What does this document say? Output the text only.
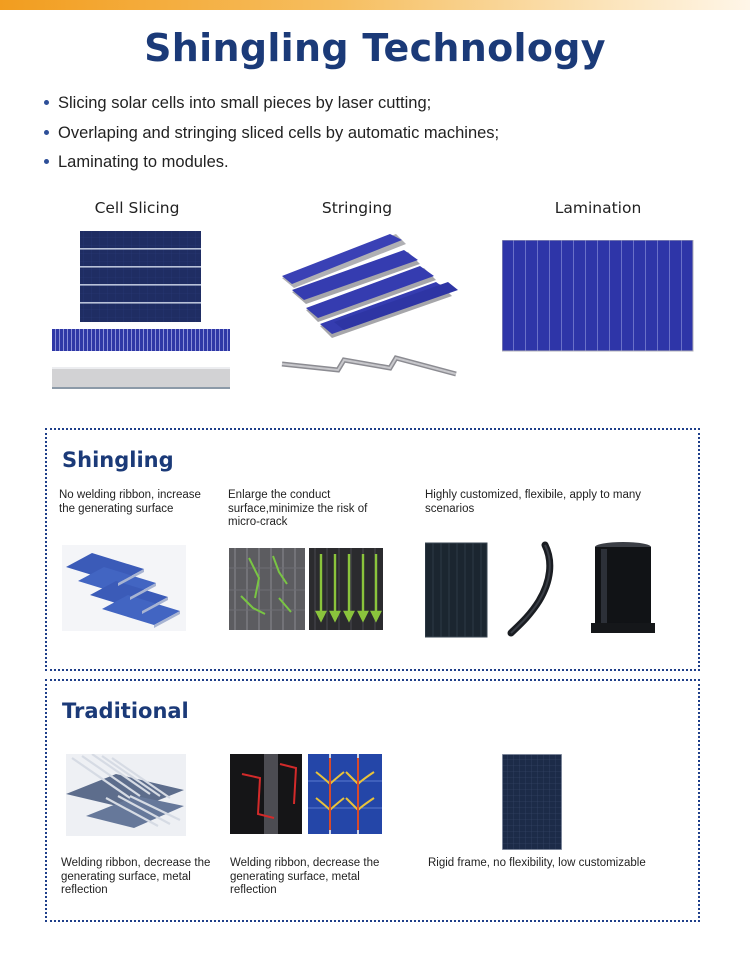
Shingling Technology
Slicing solar cells into small pieces by laser cutting;
Overlaping and stringing sliced cells by automatic machines;
Laminating to modules.
Cell Slicing	Stringing	Lamination
Shingling
No welding ribbon, increase the generating surface
Enlarge the conduct surface,minimize the risk of micro-crack
Highly customized, flexibile, apply to many scenarios
Traditional
Welding ribbon, decrease the generating surface, metal reflection
Welding ribbon, decrease the generating surface, metal reflection
Rigid frame, no flexibility, low customizable
